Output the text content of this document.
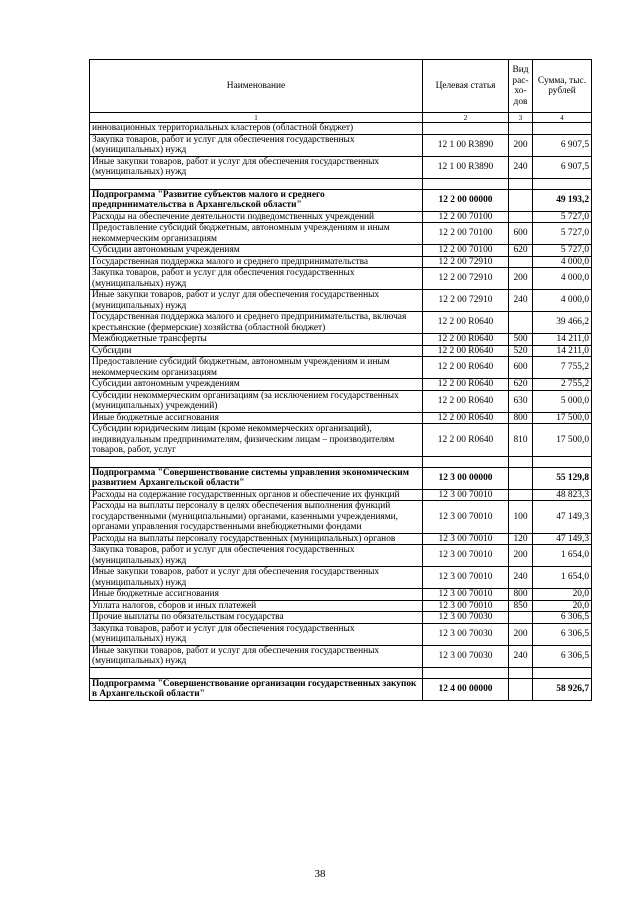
Наименование	Целевая статья	Вид рас-хо-дов	Сумма, тыс. рублей
1	2	3	4
инновационных территориальных кластеров (областной бюджет)			
Закупка товаров, работ и услуг для обеспечения государственных (муниципальных) нужд	12 1 00 R3890	200	6 907,5
Иные закупки товаров, работ и услуг для обеспечения государственных (муниципальных) нужд	12 1 00 R3890	240	6 907,5

Подпрограмма "Развитие субъектов малого и среднего предпринимательства в Архангельской области"	12 2 00 00000		49 193,2
Расходы на обеспечение деятельности подведомственных учреждений	12 2 00 70100		5 727,0
Предоставление субсидий бюджетным, автономным учреждениям и иным некоммерческим организациям	12 2 00 70100	600	5 727,0
Субсидии автономным учреждениям	12 2 00 70100	620	5 727,0
Государственная поддержка малого и среднего предпринимательства	12 2 00 72910		4 000,0
Закупка товаров, работ и услуг для обеспечения государственных (муниципальных) нужд	12 2 00 72910	200	4 000,0
Иные закупки товаров, работ и услуг для обеспечения государственных (муниципальных) нужд	12 2 00 72910	240	4 000,0
Государственная поддержка малого и среднего предпринимательства, включая крестьянские (фермерские) хозяйства (областной бюджет)	12 2 00 R0640		39 466,2
Межбюджетные трансферты	12 2 00 R0640	500	14 211,0
Субсидии	12 2 00 R0640	520	14 211,0
Предоставление субсидий бюджетным, автономным учреждениям и иным некоммерческим организациям	12 2 00 R0640	600	7 755,2
Субсидии автономным учреждениям	12 2 00 R0640	620	2 755,2
Субсидии некоммерческим организациям (за исключением государственных (муниципальных) учреждений)	12 2 00 R0640	630	5 000,0
Иные бюджетные ассигнования	12 2 00 R0640	800	17 500,0
Субсидии юридическим лицам (кроме некоммерческих организаций), индивидуальным предпринимателям, физическим лицам – производителям товаров, работ, услуг	12 2 00 R0640	810	17 500,0

Подпрограмма "Совершенствование системы управления экономическим развитием Архангельской области"	12 3 00 00000		55 129,8
Расходы на содержание государственных органов и обеспечение их функций	12 3 00 70010		48 823,3
Расходы на выплаты персоналу в целях обеспечения выполнения функций государственными (муниципальными) органами, казенными учреждениями, органами управления государственными внебюджетными фондами	12 3 00 70010	100	47 149,3
Расходы на выплаты персоналу государственных (муниципальных) органов	12 3 00 70010	120	47 149,3
Закупка товаров, работ и услуг для обеспечения государственных (муниципальных) нужд	12 3 00 70010	200	1 654,0
Иные закупки товаров, работ и услуг для обеспечения государственных (муниципальных) нужд	12 3 00 70010	240	1 654,0
Иные бюджетные ассигнования	12 3 00 70010	800	20,0
Уплата налогов, сборов и иных платежей	12 3 00 70010	850	20,0
Прочие выплаты по обязательствам государства	12 3 00 70030		6 306,5
Закупка товаров, работ и услуг для обеспечения государственных (муниципальных) нужд	12 3 00 70030	200	6 306,5
Иные закупки товаров, работ и услуг для обеспечения государственных (муниципальных) нужд	12 3 00 70030	240	6 306,5

Подпрограмма "Совершенствование организации государственных закупок в Архангельской области"	12 4 00 00000		58 926,7
38
